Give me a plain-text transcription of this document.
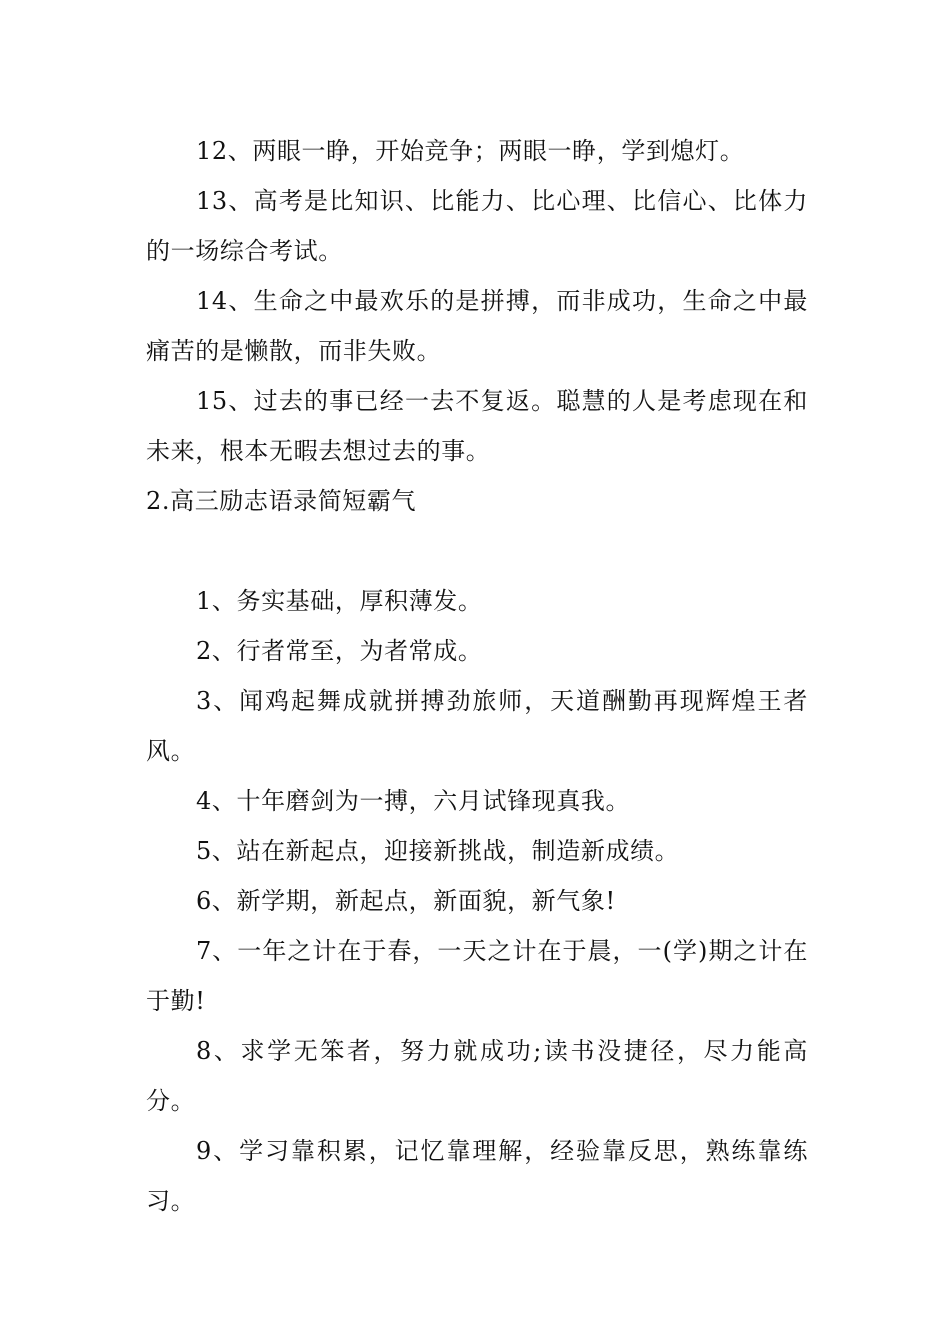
12、两眼一睁，开始竞争；两眼一睁，学到熄灯。

13、高考是比知识、比能力、比心理、比信心、比体力的一场综合考试。

14、生命之中最欢乐的是拼搏，而非成功，生命之中最痛苦的是懒散，而非失败。

15、过去的事已经一去不复返。聪慧的人是考虑现在和未来，根本无暇去想过去的事。

2.高三励志语录简短霸气

1、务实基础，厚积薄发。

2、行者常至，为者常成。

3、闻鸡起舞成就拼搏劲旅师，天道酬勤再现辉煌王者风。

4、十年磨剑为一搏，六月试锋现真我。

5、站在新起点，迎接新挑战，制造新成绩。

6、新学期，新起点，新面貌，新气象!

7、一年之计在于春，一天之计在于晨，一(学)期之计在于勤!

8、求学无笨者，努力就成功;读书没捷径，尽力能高分。

9、学习靠积累，记忆靠理解，经验靠反思，熟练靠练习。
